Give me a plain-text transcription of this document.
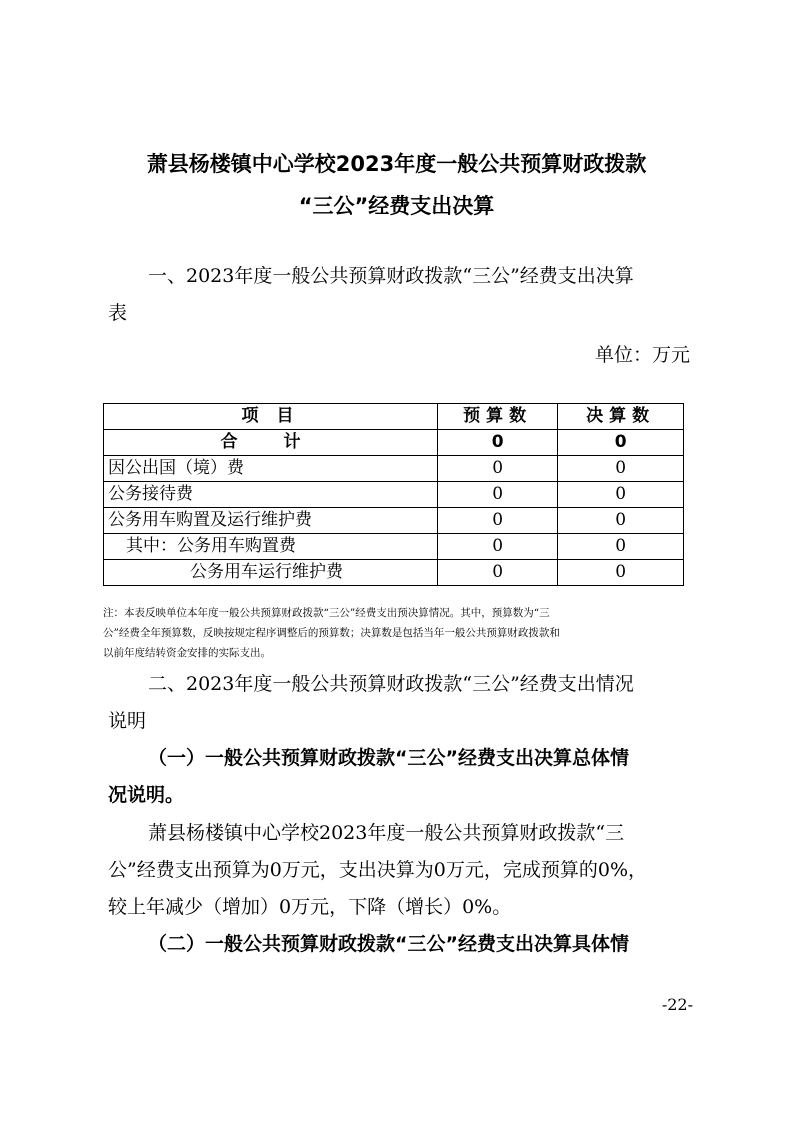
萧县杨楼镇中心学校2023年度一般公共预算财政拨款
“三公”经费支出决算
一、2023年度一般公共预算财政拨款“三公”经费支出决算
表
单位：万元
项 目	预算数	决算数
合 计	0	0
因公出国（境）费	0	0
公务接待费	0	0
公务用车购置及运行维护费	0	0
其中：公务用车购置费	0	0
公务用车运行维护费	0	0
注：本表反映单位本年度一般公共预算财政拨款“三公”经费支出预决算情况。其中，预算数为“三
公”经费全年预算数，反映按规定程序调整后的预算数；决算数是包括当年一般公共预算财政拨款和
以前年度结转资金安排的实际支出。
二、2023年度一般公共预算财政拨款“三公”经费支出情况
说明
（一）一般公共预算财政拨款“三公”经费支出决算总体情
况说明。
萧县杨楼镇中心学校2023年度一般公共预算财政拨款“三
公”经费支出预算为0万元，支出决算为0万元，完成预算的0%，
较上年减少（增加）0万元，下降（增长）0%。
（二）一般公共预算财政拨款“三公”经费支出决算具体情
-22-
